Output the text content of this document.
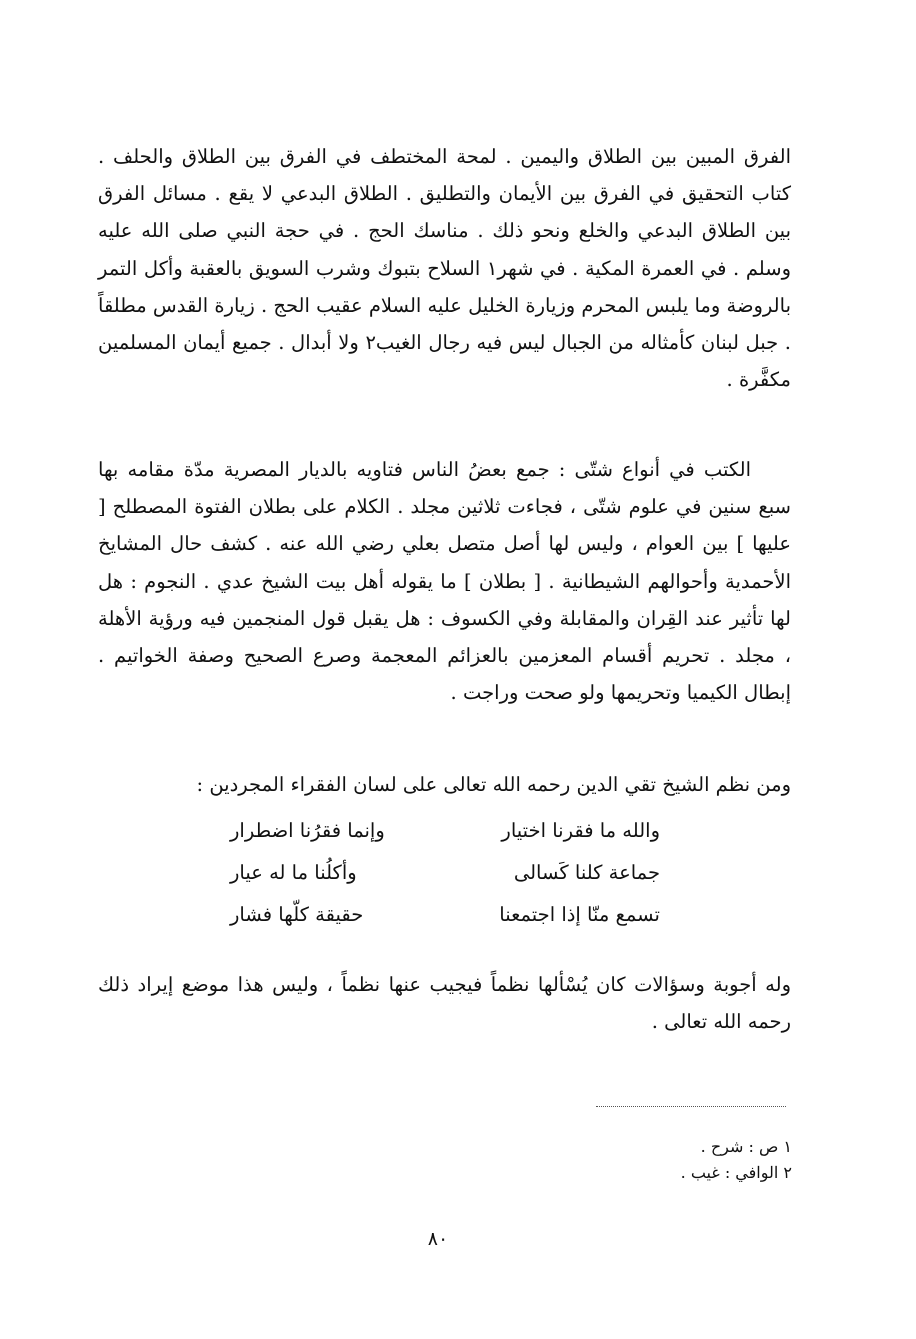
الفرق المبين بين الطلاق واليمين . لمحة المختطف في الفرق بين الطلاق والحلف . كتاب التحقيق في الفرق بين الأيمان والتطليق . الطلاق البدعي لا يقع . مسائل الفرق بين الطلاق البدعي والخلع ونحو ذلك . مناسك الحج . في حجة النبي صلى الله عليه وسلم . في العمرة المكية . في شهر١ السلاح بتبوك وشرب السويق بالعقبة وأكل التمر بالروضة وما يلبس المحرم وزيارة الخليل عليه السلام عقيب الحج . زيارة القدس مطلقاً . جبل لبنان كأمثاله من الجبال ليس فيه رجال الغيب٢ ولا أبدال . جميع أيمان المسلمين مكفَّرة .

الكتب في أنواع شتّى : جمع بعضُ الناس فتاويه بالديار المصرية مدّة مقامه بها سبع سنين في علوم شتّى ، فجاءت ثلاثين مجلد . الكلام على بطلان الفتوة المصطلح [ عليها ] بين العوام ، وليس لها أصل متصل بعلي رضي الله عنه . كشف حال المشايخ الأحمدية وأحوالهم الشيطانية . [ بطلان ] ما يقوله أهل بيت الشيخ عدي . النجوم : هل لها تأثير عند القِران والمقابلة وفي الكسوف : هل يقبل قول المنجمين فيه ورؤية الأهلة ، مجلد . تحريم أقسام المعزمين بالعزائم المعجمة وصرع الصحيح وصفة الخواتيم . إبطال الكيميا وتحريمها ولو صحت وراجت .

ومن نظم الشيخ تقي الدين رحمه الله تعالى على لسان الفقراء المجردين :

والله ما فقرنا اختيار
وإنما فقرُنا اضطرار
جماعة كلنا كَسالى
وأكلُنا ما له عيار
تسمع منّا إذا اجتمعنا
حقيقة كلّها فشار

وله أجوبة وسؤالات كان يُسْألها نظماً فيجيب عنها نظماً ، وليس هذا موضع إيراد ذلك رحمه الله تعالى .

١ ص : شرح .
٢ الوافي : غيب .
٨٠
